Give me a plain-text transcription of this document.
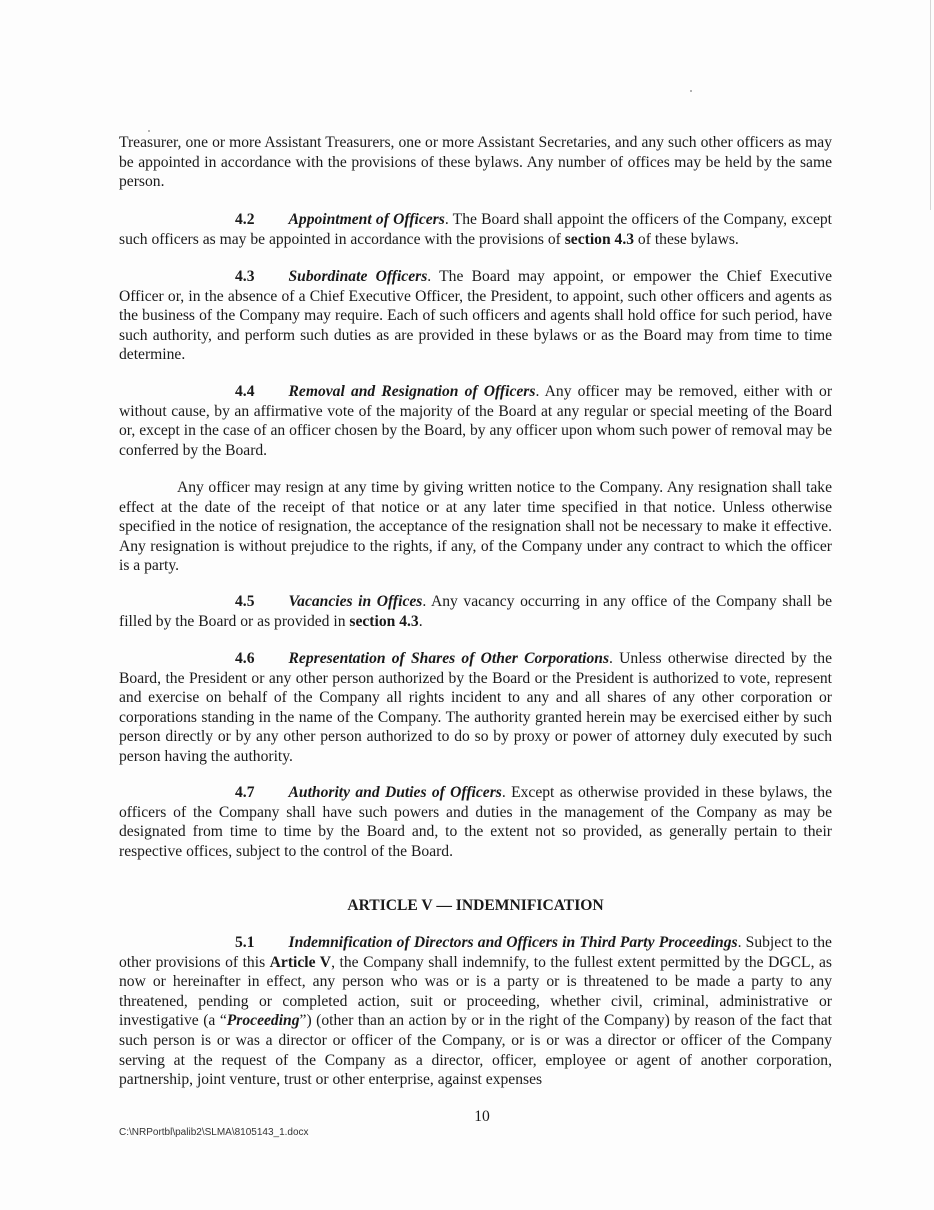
Treasurer, one or more Assistant Treasurers, one or more Assistant Secretaries, and any such other officers as may be appointed in accordance with the provisions of these bylaws. Any number of offices may be held by the same person.

4.2 Appointment of Officers. The Board shall appoint the officers of the Company, except such officers as may be appointed in accordance with the provisions of section 4.3 of these bylaws.

4.3 Subordinate Officers. The Board may appoint, or empower the Chief Executive Officer or, in the absence of a Chief Executive Officer, the President, to appoint, such other officers and agents as the business of the Company may require. Each of such officers and agents shall hold office for such period, have such authority, and perform such duties as are provided in these bylaws or as the Board may from time to time determine.

4.4 Removal and Resignation of Officers. Any officer may be removed, either with or without cause, by an affirmative vote of the majority of the Board at any regular or special meeting of the Board or, except in the case of an officer chosen by the Board, by any officer upon whom such power of removal may be conferred by the Board.

Any officer may resign at any time by giving written notice to the Company. Any resignation shall take effect at the date of the receipt of that notice or at any later time specified in that notice. Unless otherwise specified in the notice of resignation, the acceptance of the resignation shall not be necessary to make it effective. Any resignation is without prejudice to the rights, if any, of the Company under any contract to which the officer is a party.

4.5 Vacancies in Offices. Any vacancy occurring in any office of the Company shall be filled by the Board or as provided in section 4.3.

4.6 Representation of Shares of Other Corporations. Unless otherwise directed by the Board, the President or any other person authorized by the Board or the President is authorized to vote, represent and exercise on behalf of the Company all rights incident to any and all shares of any other corporation or corporations standing in the name of the Company. The authority granted herein may be exercised either by such person directly or by any other person authorized to do so by proxy or power of attorney duly executed by such person having the authority.

4.7 Authority and Duties of Officers. Except as otherwise provided in these bylaws, the officers of the Company shall have such powers and duties in the management of the Company as may be designated from time to time by the Board and, to the extent not so provided, as generally pertain to their respective offices, subject to the control of the Board.

ARTICLE V — INDEMNIFICATION

5.1 Indemnification of Directors and Officers in Third Party Proceedings. Subject to the other provisions of this Article V, the Company shall indemnify, to the fullest extent permitted by the DGCL, as now or hereinafter in effect, any person who was or is a party or is threatened to be made a party to any threatened, pending or completed action, suit or proceeding, whether civil, criminal, administrative or investigative (a “Proceeding”) (other than an action by or in the right of the Company) by reason of the fact that such person is or was a director or officer of the Company, or is or was a director or officer of the Company serving at the request of the Company as a director, officer, employee or agent of another corporation, partnership, joint venture, trust or other enterprise, against expenses

10
C:\NRPortbl\palib2\SLMA\8105143_1.docx
